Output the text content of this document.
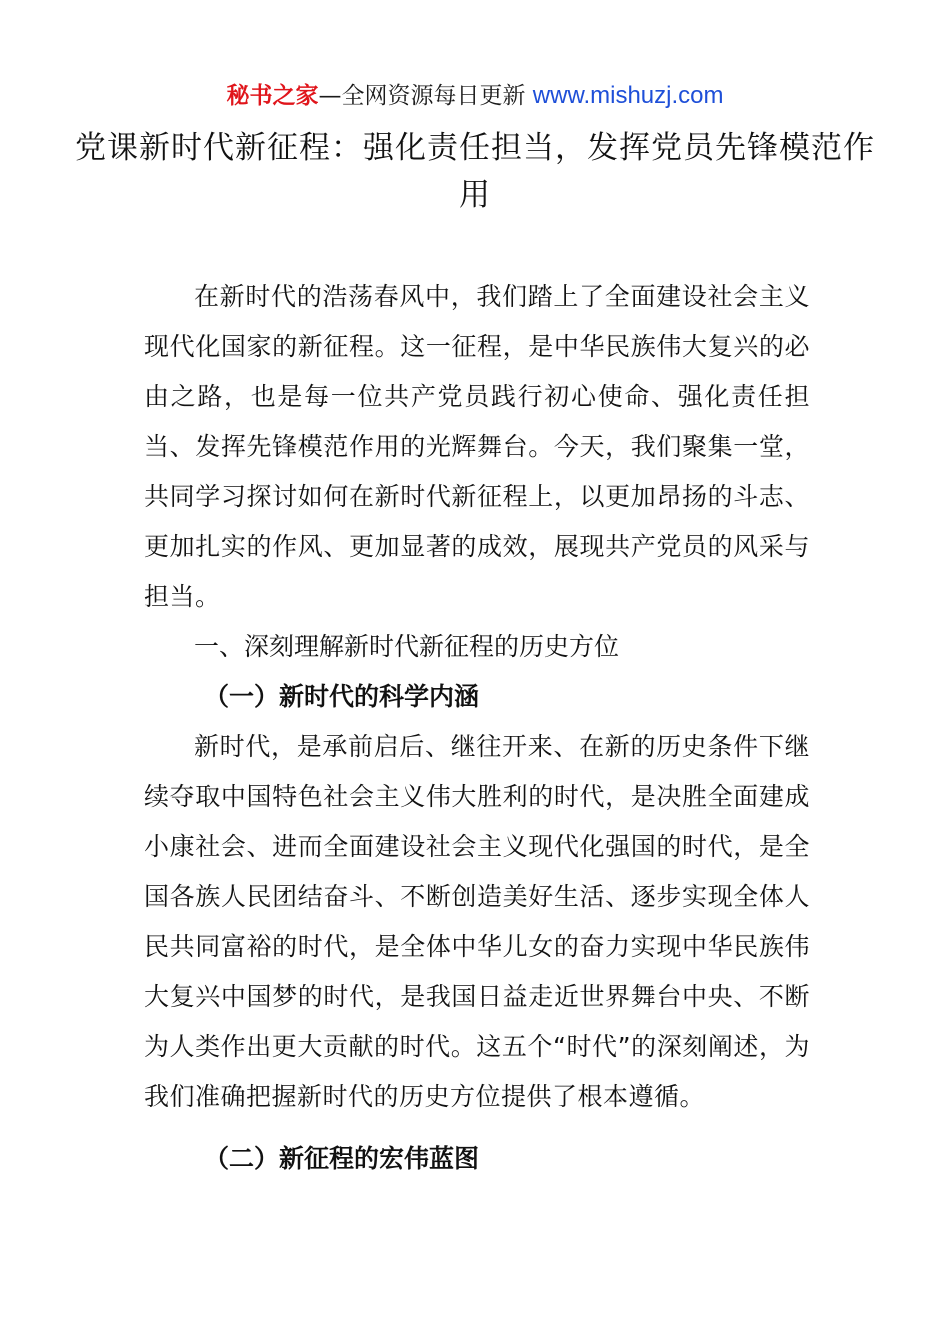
秘书之家—全网资源每日更新 www.mishuzj.com
党课新时代新征程：强化责任担当，发挥党员先锋模范作用

在新时代的浩荡春风中，我们踏上了全面建设社会主义现代化国家的新征程。这一征程，是中华民族伟大复兴的必由之路，也是每一位共产党员践行初心使命、强化责任担当、发挥先锋模范作用的光辉舞台。今天，我们聚集一堂，共同学习探讨如何在新时代新征程上，以更加昂扬的斗志、更加扎实的作风、更加显著的成效，展现共产党员的风采与担当。

一、深刻理解新时代新征程的历史方位

（一）新时代的科学内涵

新时代，是承前启后、继往开来、在新的历史条件下继续夺取中国特色社会主义伟大胜利的时代，是决胜全面建成小康社会、进而全面建设社会主义现代化强国的时代，是全国各族人民团结奋斗、不断创造美好生活、逐步实现全体人民共同富裕的时代，是全体中华儿女的奋力实现中华民族伟大复兴中国梦的时代，是我国日益走近世界舞台中央、不断为人类作出更大贡献的时代。这五个“时代”的深刻阐述，为我们准确把握新时代的历史方位提供了根本遵循。

（二）新征程的宏伟蓝图
